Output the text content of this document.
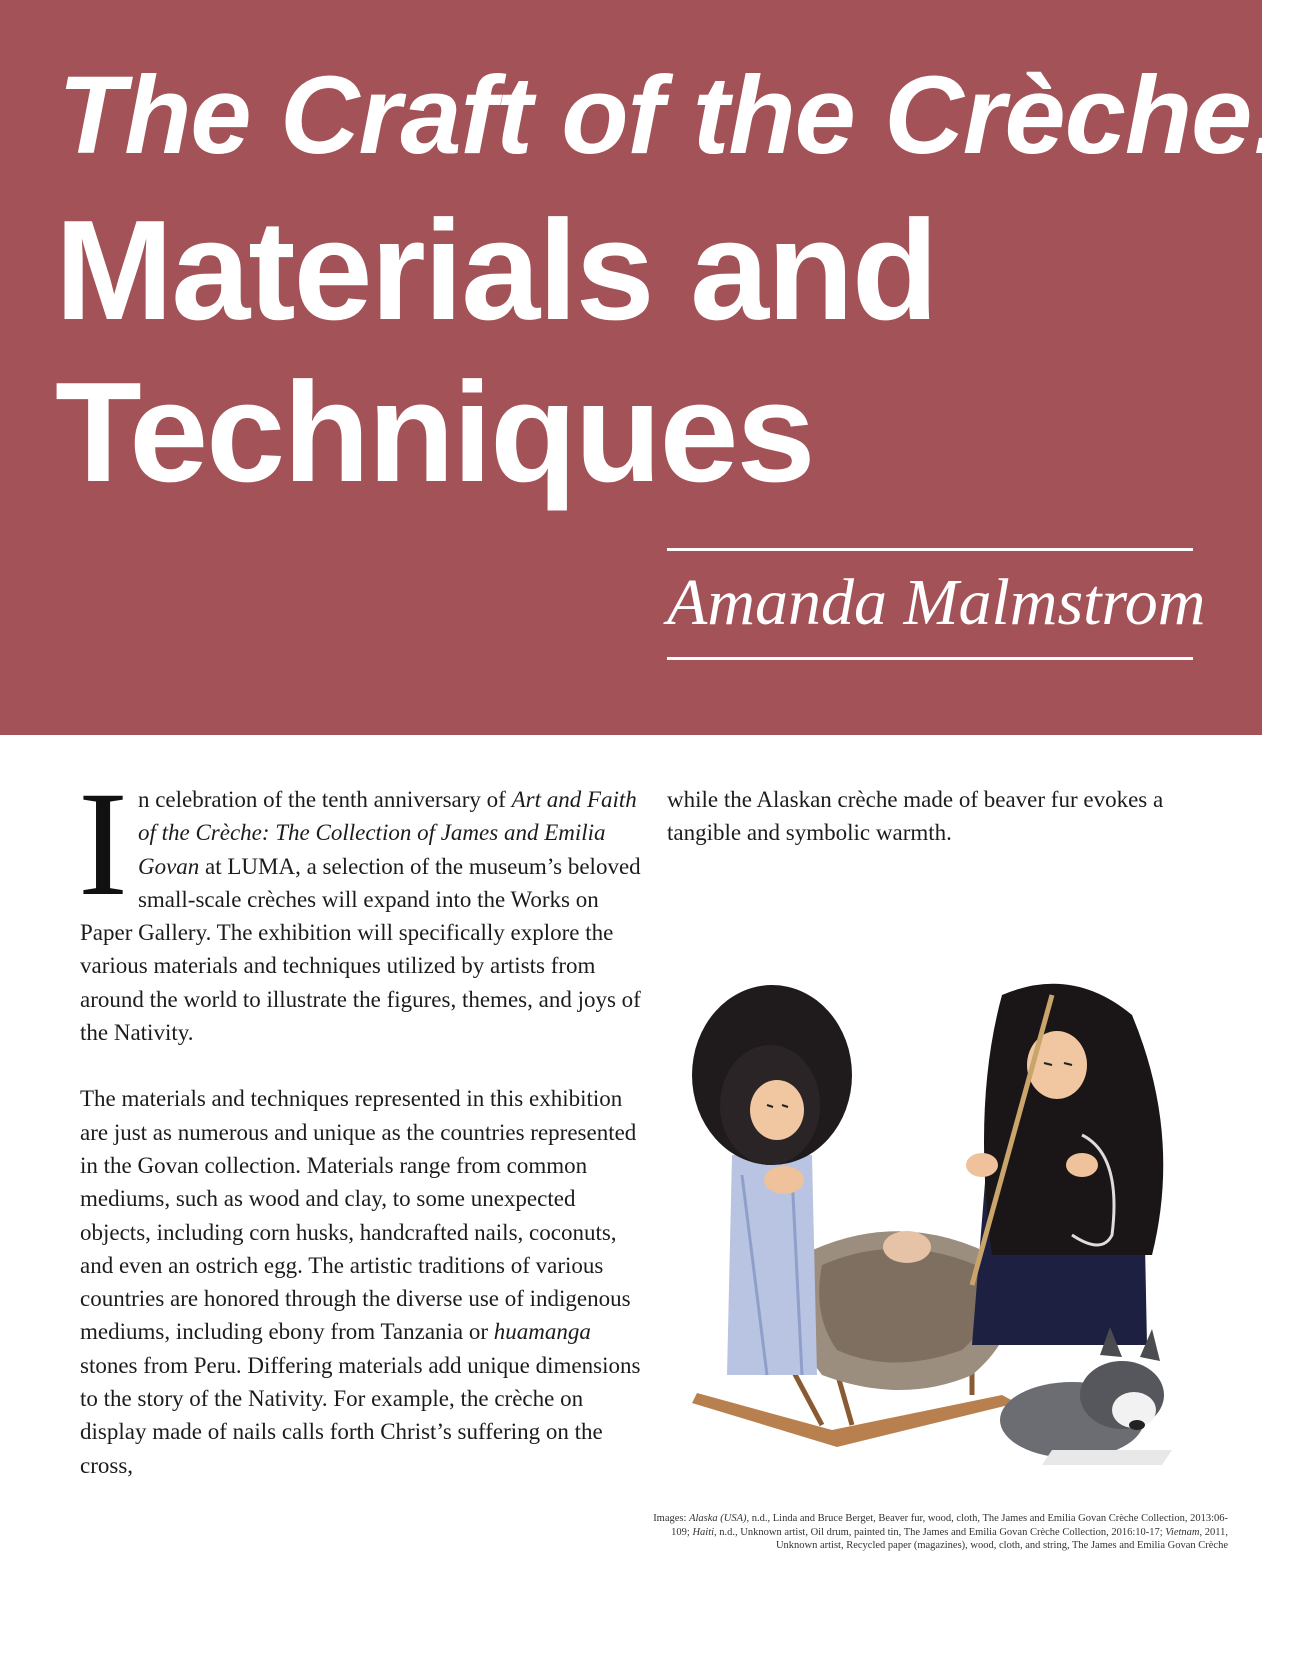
The Craft of the Crèche:
Materials and
Techniques

Amanda Malmstrom

In celebration of the tenth anniversary of Art and Faith of the Crèche: The Collection of James and Emilia Govan at LUMA, a selection of the museum’s beloved small-scale crèches will expand into the Works on Paper Gallery. The exhibition will specifically explore the various materials and techniques utilized by artists from around the world to illustrate the figures, themes, and joys of the Nativity.

The materials and techniques represented in this exhibition are just as numerous and unique as the countries represented in the Govan collection. Materials range from common mediums, such as wood and clay, to some unexpected objects, including corn husks, handcrafted nails, coconuts, and even an ostrich egg. The artistic traditions of various countries are honored through the diverse use of indigenous mediums, including ebony from Tanzania or huamanga stones from Peru. Differing materials add unique dimensions to the story of the Nativity. For example, the crèche on display made of nails calls forth Christ’s suffering on the cross,

while the Alaskan crèche made of beaver fur evokes a tangible and symbolic warmth.

Images: Alaska (USA), n.d., Linda and Bruce Berget, Beaver fur, wood, cloth, The James and Emilia Govan Crèche Collection, 2013:06-109; Haiti, n.d., Unknown artist, Oil drum, painted tin, The James and Emilia Govan Crèche Collection, 2016:10-17; Vietnam, 2011, Unknown artist, Recycled paper (magazines), wood, cloth, and string, The James and Emilia Govan Crèche
